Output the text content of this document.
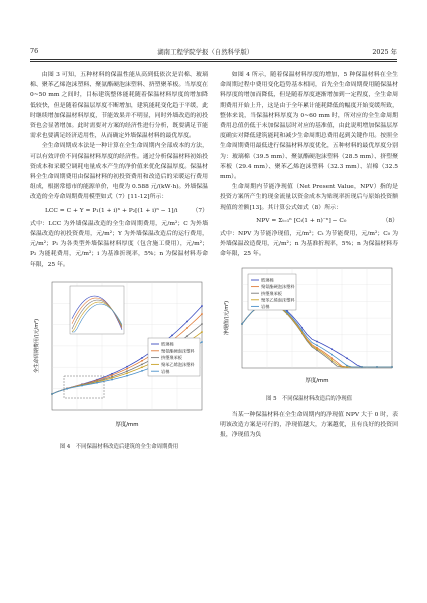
76	湖南工程学院学报（自然科学版）	2025 年

由图 3 可知，五种材料的保温性能从高到低依次是岩棉、玻璃棉、聚苯乙烯泡沫塑料、聚氨酯硬泡沫塑料、挤塑聚苯板。当厚度在 0~50 mm 之间时，目标建筑整体能耗随着保温材料厚度的增加降低较快，但是随着保温层厚度不断增加，建筑能耗变化趋于平缓，此时继续增加保温材料厚度，节能效果并不明显，同时外墙改造的初投资也会显著增加。此时需要对方案的经济性进行分析，既要满足节能需求也要满足经济适用性，从而确定外墙保温材料的最优厚度。

全生命周期成本法是一种计算在全生命周期内全部成本的方法，可以有效评价不同保温材料厚度的经济性。通过分析保温材料初始投资成本和采暖空调耗电量成本产生的净价值来优化保温厚度。保温材料全生命周期费用由保温材料的初投资费用和改造后的采暖运行费用组成，根据常德市的能源单价，电费为 0.588 元/(kW·h)。外墙保温改造的全寿命周期费用模型如式（7）[11-12]所示：

LCC = C + Y = P₁(1 + i)ⁿ + P₂[(1 + i)ⁿ − 1]/i	（7）

式中：LCC 为外墙保温改造的全生命周期费用，元/m²；C 为外墙保温改造的初投资费用，元/m²；Y 为外墙保温改造后的运行费用，元/m²；P₁ 为各类型外墙保温材料厚度（包含施工费用），元/m²；P₂ 为能耗费用，元/m²；i 为基准折现率，5%；n 为保温材料寿命年限，25 年。

玻璃棉
聚氨酯硬泡沫塑料
挤塑聚苯板
聚苯乙烯泡沫塑料
岩棉
厚度/mm
全生命周期费用/(元/m²)
图 4　不同保温材料改造后建筑的全生命周期费用

如图 4 所示，随着保温材料厚度的增加，5 种保温材料在全生命周期过程中费用变化趋势基本相同，首先全生命周期费用随保温材料厚度的增加而降低，但是随着厚度逐渐增加到一定程度，全生命周期费用开始上升，这是由于全年累计能耗降低的幅度开始变缓所致，整体来说，当保温材料厚度为 0~60 mm 时，所对应的全生命周期费用总值仍低于未加保温层时对应的基准值，由此说明增加保温层厚度确实对降低建筑能耗和减少生命周期总费用起到关键作用。按照全生命周期费用最低进行保温材料厚度优化，五种材料的最优厚度分别为：玻璃棉（39.5 mm）、聚氨酯硬泡沫塑料（28.5 mm）、挤塑聚苯板（29.4 mm）、聚苯乙烯泡沫塑料（32.3 mm）、岩棉（32.5 mm）。

生命周期内节能净现值（Net Present Value，NPV）指的是投资方案所产生的现金流量以资金成本为贴现率折现后与原始投资额现值的差额[13]。其计算公式如式（8）所示：

NPV = Σₜ₌₁ⁿ [Cₜ(1 + n)⁻ⁿ] − C₀	（8）

式中：NPV 为节能净现值，元/m²；Cₜ 为节能费用，元/m²；C₀ 为外墙保温改造费用，元/m²；n 为基准折现率，5%；n 为保温材料寿命年限，25 年。

玻璃棉
聚氨酯硬泡沫塑料
挤塑聚苯板
聚苯乙烯泡沫塑料
岩棉
厚度/mm
净现值/(元/m²)
图 5　不同保温材料改造后的净现值

当某一种保温材料在全生命周期内的净现值 NPV 大于 0 时，表明该改造方案是可行的，净现值越大，方案越优，且有良好的投资回报，净现值为负
